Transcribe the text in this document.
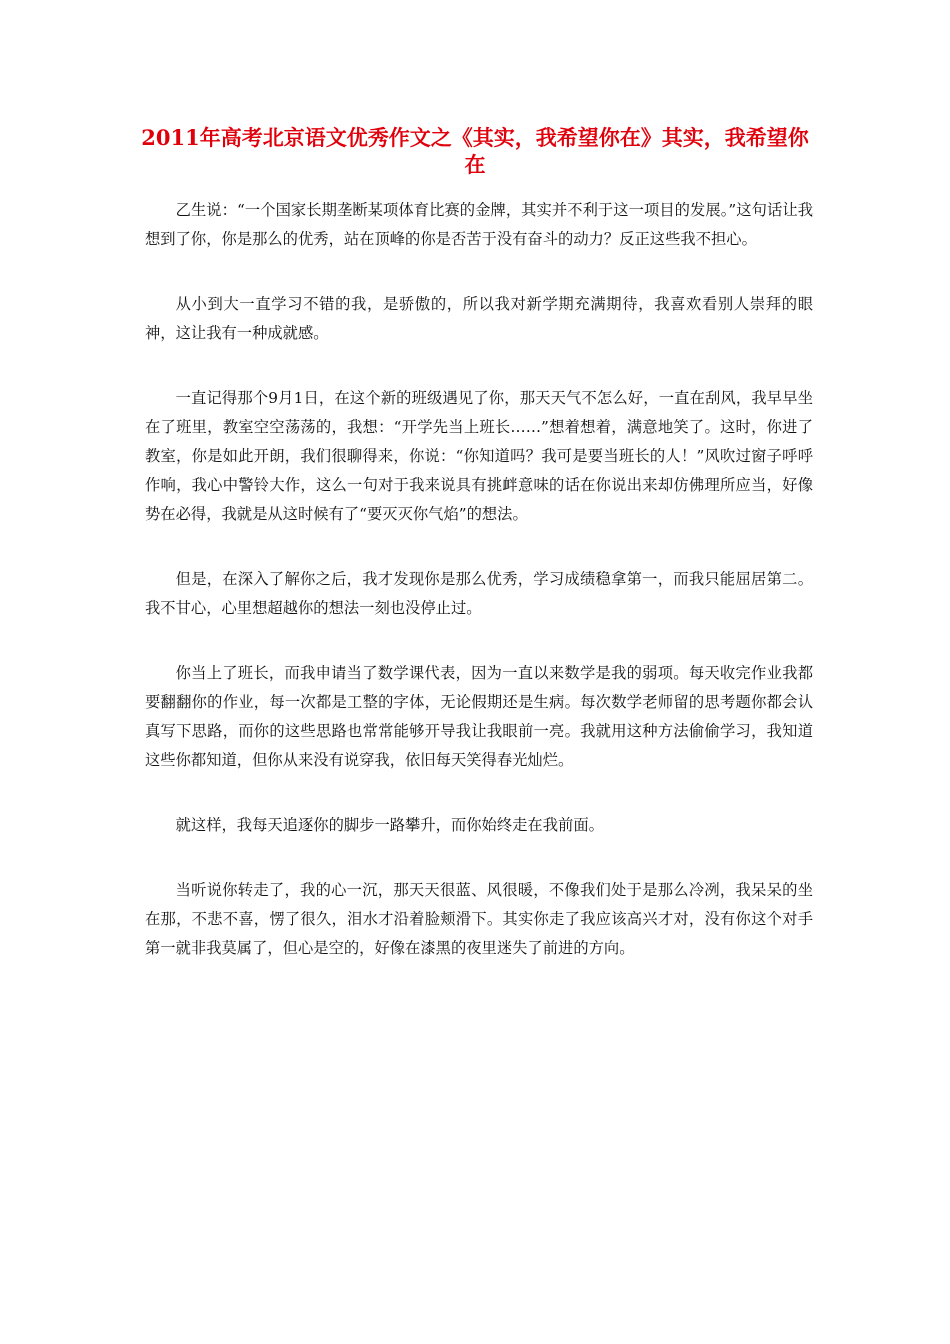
2011年高考北京语文优秀作文之《其实，我希望你在》其实，我希望你在

乙生说：“一个国家长期垄断某项体育比赛的金牌，其实并不利于这一项目的发展。”这句话让我想到了你，你是那么的优秀，站在顶峰的你是否苦于没有奋斗的动力？反正这些我不担心。

从小到大一直学习不错的我，是骄傲的，所以我对新学期充满期待，我喜欢看别人崇拜的眼神，这让我有一种成就感。

一直记得那个9月1日，在这个新的班级遇见了你，那天天气不怎么好，一直在刮风，我早早坐在了班里，教室空空荡荡的，我想：“开学先当上班长……”想着想着，满意地笑了。这时，你进了教室，你是如此开朗，我们很聊得来，你说：“你知道吗？我可是要当班长的人！”风吹过窗子呼呼作响，我心中警铃大作，这么一句对于我来说具有挑衅意味的话在你说出来却仿佛理所应当，好像势在必得，我就是从这时候有了“要灭灭你气焰”的想法。

但是，在深入了解你之后，我才发现你是那么优秀，学习成绩稳拿第一，而我只能屈居第二。我不甘心，心里想超越你的想法一刻也没停止过。

你当上了班长，而我申请当了数学课代表，因为一直以来数学是我的弱项。每天收完作业我都要翻翻你的作业，每一次都是工整的字体，无论假期还是生病。每次数学老师留的思考题你都会认真写下思路，而你的这些思路也常常能够开导我让我眼前一亮。我就用这种方法偷偷学习，我知道这些你都知道，但你从来没有说穿我，依旧每天笑得春光灿烂。

就这样，我每天追逐你的脚步一路攀升，而你始终走在我前面。

当听说你转走了，我的心一沉，那天天很蓝、风很暖，不像我们处于是那么冷冽，我呆呆的坐在那，不悲不喜，愣了很久，泪水才沿着脸颊滑下。其实你走了我应该高兴才对，没有你这个对手第一就非我莫属了，但心是空的，好像在漆黑的夜里迷失了前进的方向。
